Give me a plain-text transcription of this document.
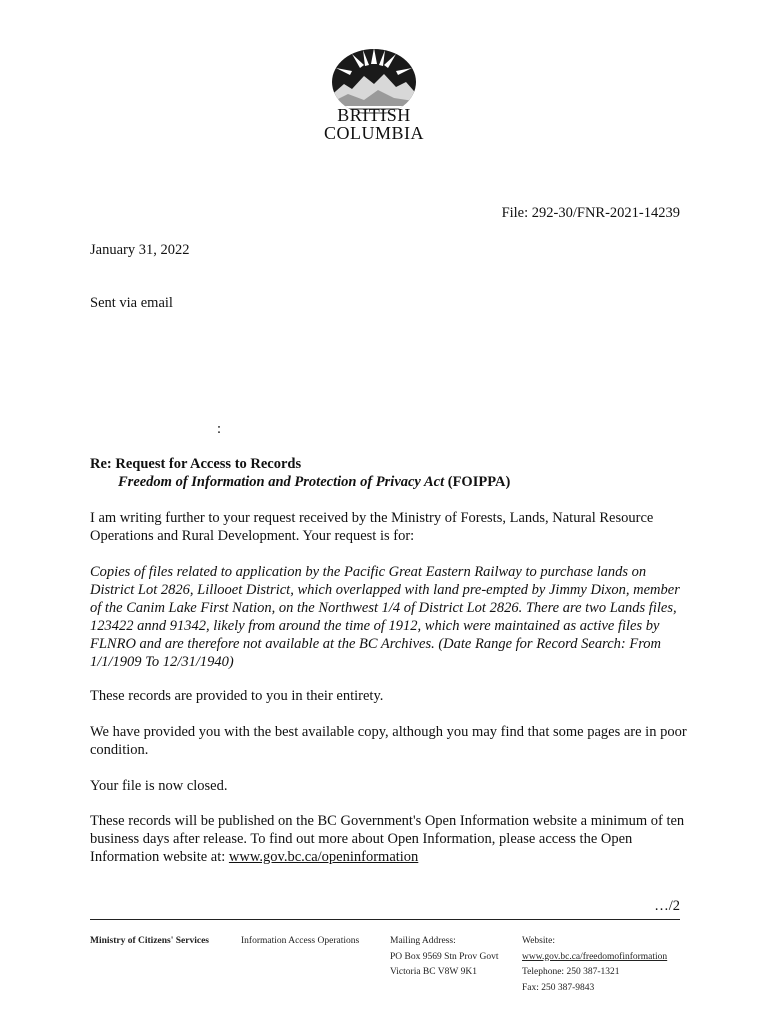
BRITISH
COLUMBIA
File: 292-30/FNR-2021-14239
January 31, 2022
Sent via email
:
Re: Request for Access to Records
Freedom of Information and Protection of Privacy Act (FOIPPA)
I am writing further to your request received by the Ministry of Forests, Lands, Natural Resource Operations and Rural Development. Your request is for:
Copies of files related to application by the Pacific Great Eastern Railway to purchase lands on District Lot 2826, Lillooet District, which overlapped with land pre-empted by Jimmy Dixon, member of the Canim Lake First Nation, on the Northwest 1/4 of District Lot 2826. There are two Lands files, 123422 annd 91342, likely from around the time of 1912, which were maintained as active files by FLNRO and are therefore not available at the BC Archives. (Date Range for Record Search: From 1/1/1909 To 12/31/1940)
These records are provided to you in their entirety.
We have provided you with the best available copy, although you may find that some pages are in poor condition.
Your file is now closed.
These records will be published on the BC Government's Open Information website a minimum of ten business days after release. To find out more about Open Information, please access the Open Information website at: www.gov.bc.ca/openinformation
…/2
Ministry of Citizens' Services	Information Access Operations	Mailing Address:
PO Box 9569 Stn Prov Govt
Victoria BC V8W 9K1
Website:
www.gov.bc.ca/freedomofinformation
Telephone: 250 387-1321
Fax: 250 387-9843
